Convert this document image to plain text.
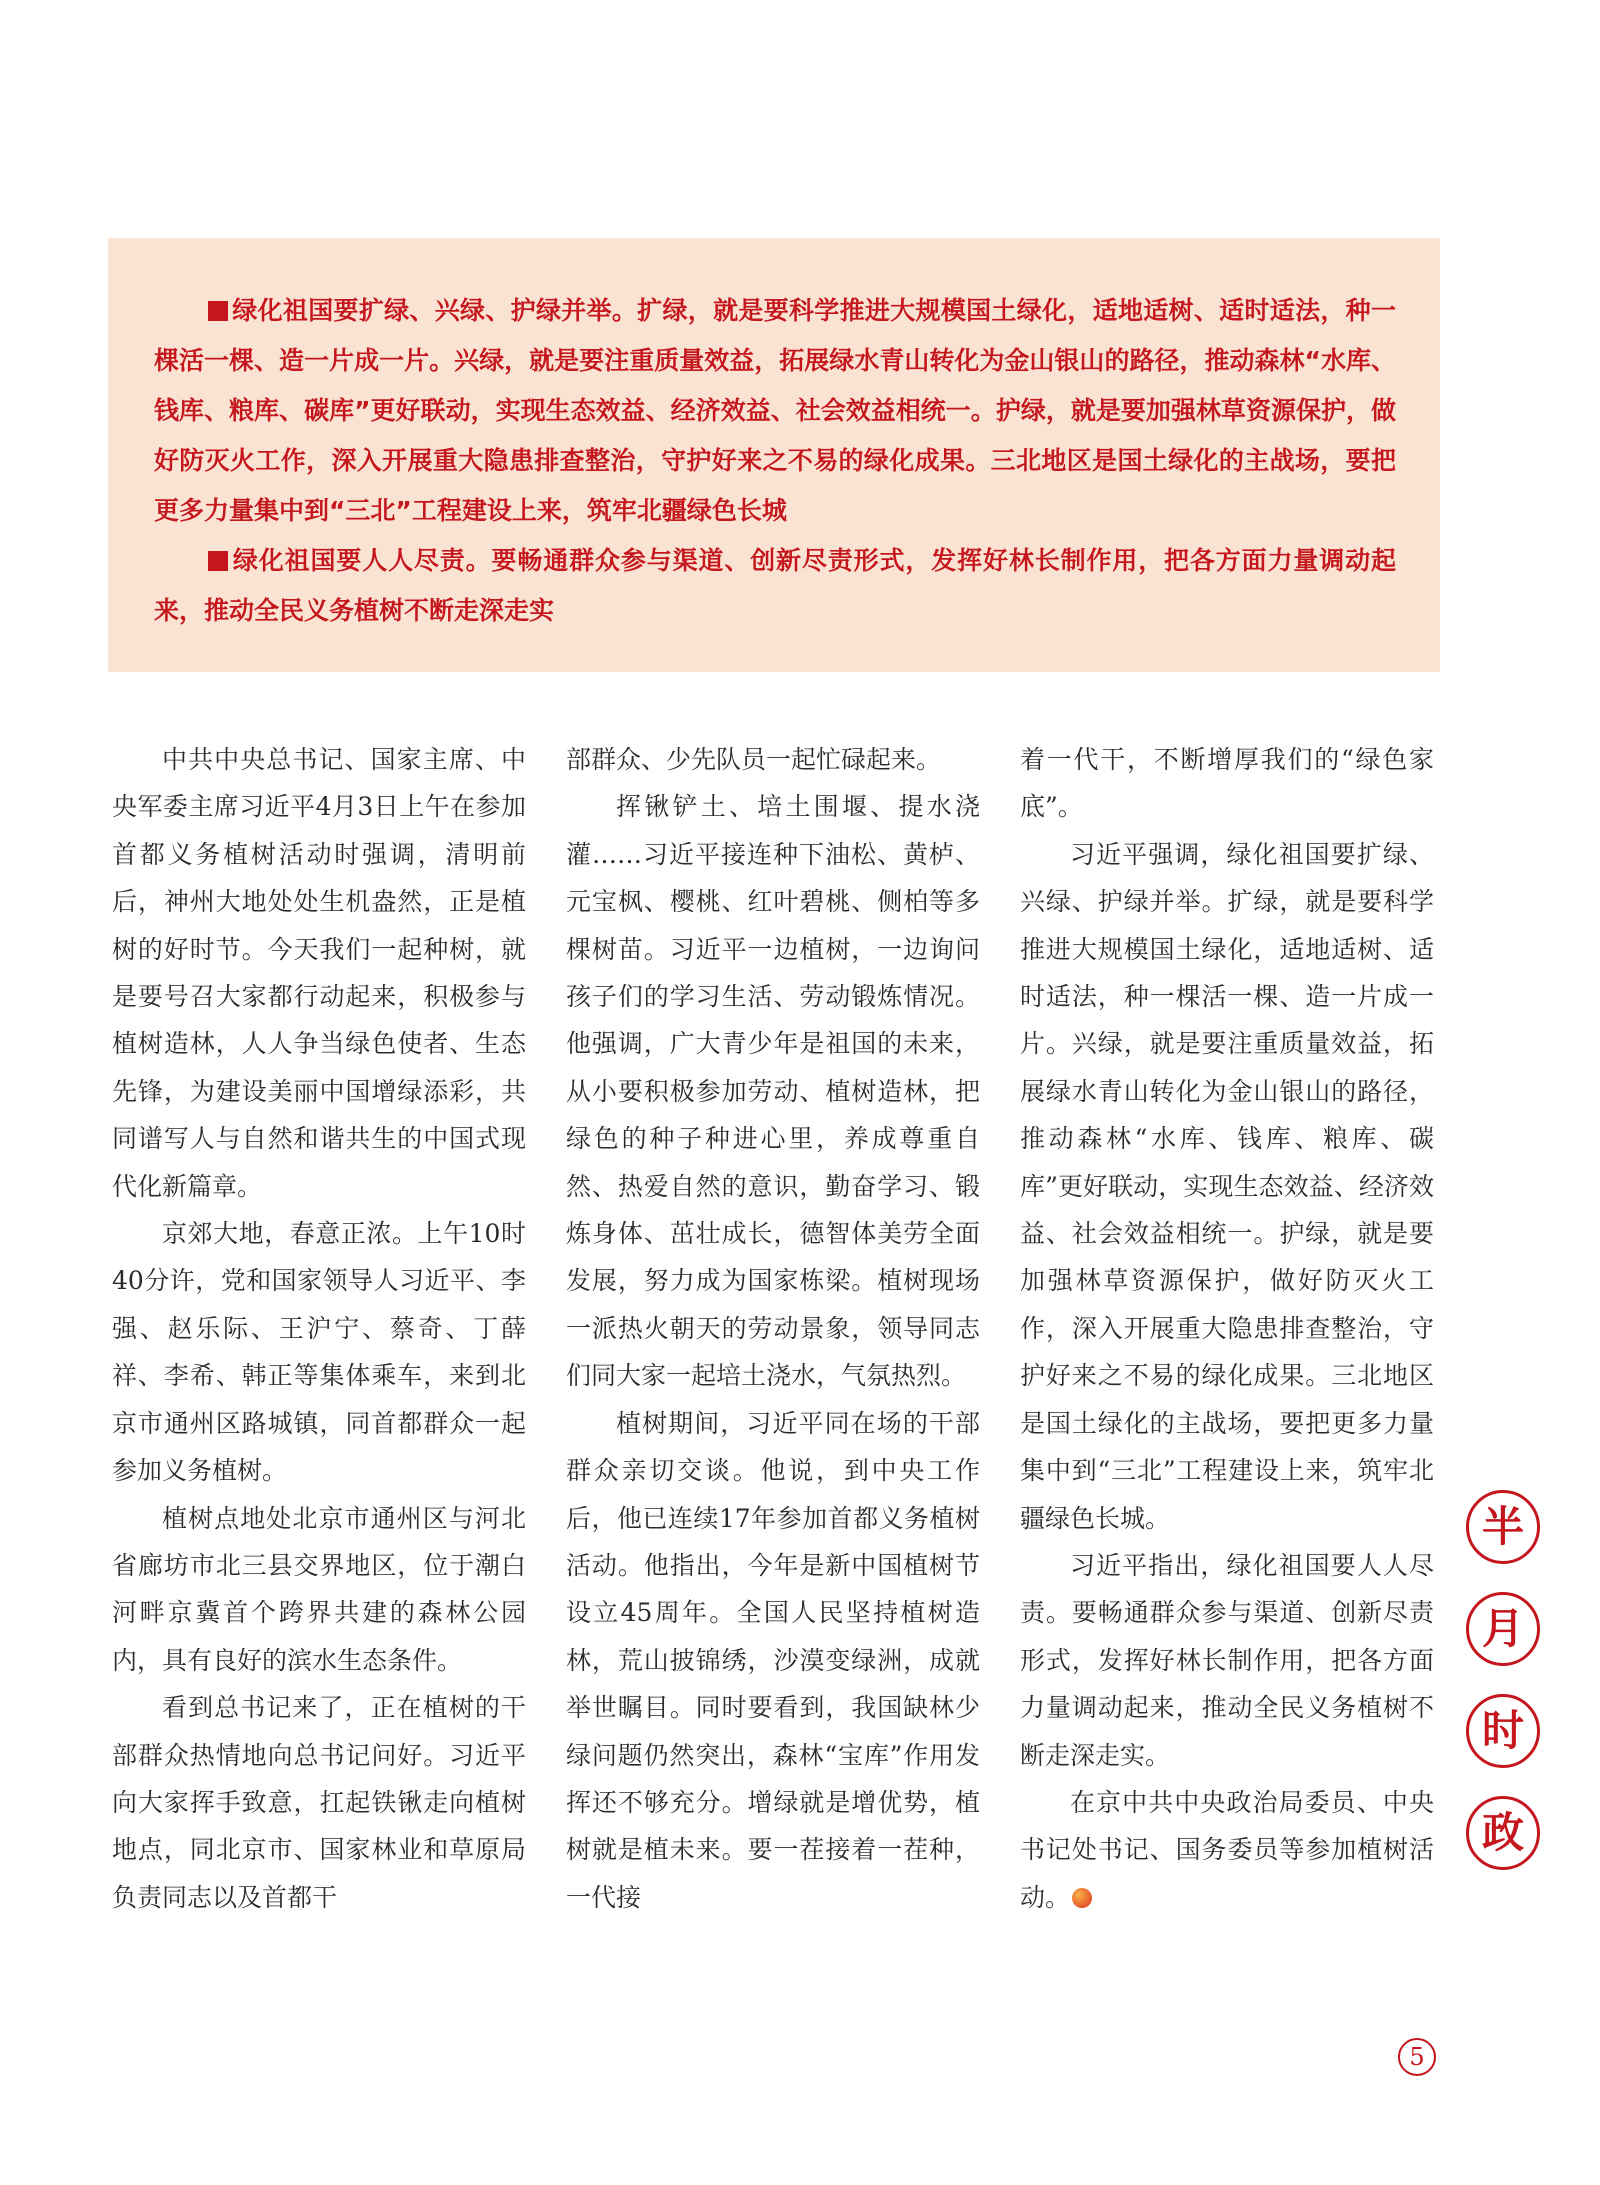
绿化祖国要扩绿、兴绿、护绿并举。扩绿，就是要科学推进大规模国土绿化，适地适树、适时适法，种一棵活一棵、造一片成一片。兴绿，就是要注重质量效益，拓展绿水青山转化为金山银山的路径，推动森林“水库、钱库、粮库、碳库”更好联动，实现生态效益、经济效益、社会效益相统一。护绿，就是要加强林草资源保护，做好防灭火工作，深入开展重大隐患排查整治，守护好来之不易的绿化成果。三北地区是国土绿化的主战场，要把更多力量集中到“三北”工程建设上来，筑牢北疆绿色长城

绿化祖国要人人尽责。要畅通群众参与渠道、创新尽责形式，发挥好林长制作用，把各方面力量调动起来，推动全民义务植树不断走深走实

中共中央总书记、国家主席、中央军委主席习近平4月3日上午在参加首都义务植树活动时强调，清明前后，神州大地处处生机盎然，正是植树的好时节。今天我们一起种树，就是要号召大家都行动起来，积极参与植树造林，人人争当绿色使者、生态先锋，为建设美丽中国增绿添彩，共同谱写人与自然和谐共生的中国式现代化新篇章。

京郊大地，春意正浓。上午10时40分许，党和国家领导人习近平、李强、赵乐际、王沪宁、蔡奇、丁薛祥、李希、韩正等集体乘车，来到北京市通州区路城镇，同首都群众一起参加义务植树。

植树点地处北京市通州区与河北省廊坊市北三县交界地区，位于潮白河畔京冀首个跨界共建的森林公园内，具有良好的滨水生态条件。

看到总书记来了，正在植树的干部群众热情地向总书记问好。习近平向大家挥手致意，扛起铁锹走向植树地点，同北京市、国家林业和草原局负责同志以及首都干

部群众、少先队员一起忙碌起来。

挥锹铲土、培土围堰、提水浇灌……习近平接连种下油松、黄栌、元宝枫、樱桃、红叶碧桃、侧柏等多棵树苗。习近平一边植树，一边询问孩子们的学习生活、劳动锻炼情况。他强调，广大青少年是祖国的未来，从小要积极参加劳动、植树造林，把绿色的种子种进心里，养成尊重自然、热爱自然的意识，勤奋学习、锻炼身体、茁壮成长，德智体美劳全面发展，努力成为国家栋梁。植树现场一派热火朝天的劳动景象，领导同志们同大家一起培土浇水，气氛热烈。

植树期间，习近平同在场的干部群众亲切交谈。他说，到中央工作后，他已连续17年参加首都义务植树活动。他指出，今年是新中国植树节设立45周年。全国人民坚持植树造林，荒山披锦绣，沙漠变绿洲，成就举世瞩目。同时要看到，我国缺林少绿问题仍然突出，森林“宝库”作用发挥还不够充分。增绿就是增优势，植树就是植未来。要一茬接着一茬种，一代接

着一代干，不断增厚我们的“绿色家底”。

习近平强调，绿化祖国要扩绿、兴绿、护绿并举。扩绿，就是要科学推进大规模国土绿化，适地适树、适时适法，种一棵活一棵、造一片成一片。兴绿，就是要注重质量效益，拓展绿水青山转化为金山银山的路径，推动森林“水库、钱库、粮库、碳库”更好联动，实现生态效益、经济效益、社会效益相统一。护绿，就是要加强林草资源保护，做好防灭火工作，深入开展重大隐患排查整治，守护好来之不易的绿化成果。三北地区是国土绿化的主战场，要把更多力量集中到“三北”工程建设上来，筑牢北疆绿色长城。

习近平指出，绿化祖国要人人尽责。要畅通群众参与渠道、创新尽责形式，发挥好林长制作用，把各方面力量调动起来，推动全民义务植树不断走深走实。

在京中共中央政治局委员、中央书记处书记、国务委员等参加植树活动。

半
月
时
政
5
